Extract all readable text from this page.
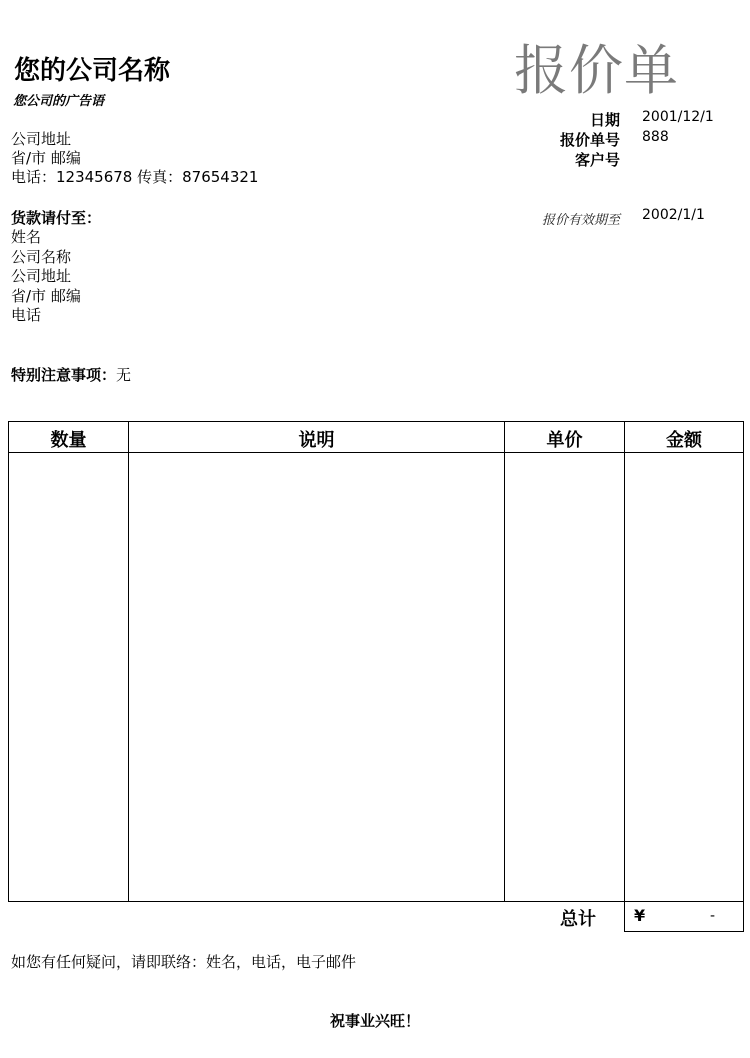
您的公司名称
您公司的广告语	报价单
公司地址
省/市 邮编
电话：12345678 传真：87654321
日期 2001/12/1
报价单号 888
客户号
报价有效期至 2002/1/1
货款请付至：
姓名
公司名称
公司地址
省/市 邮编
电话
特别注意事项：无
数量	说明	单价	金额
总计 ¥	-
如您有任何疑问，请即联络：姓名，电话，电子邮件
祝事业兴旺！
